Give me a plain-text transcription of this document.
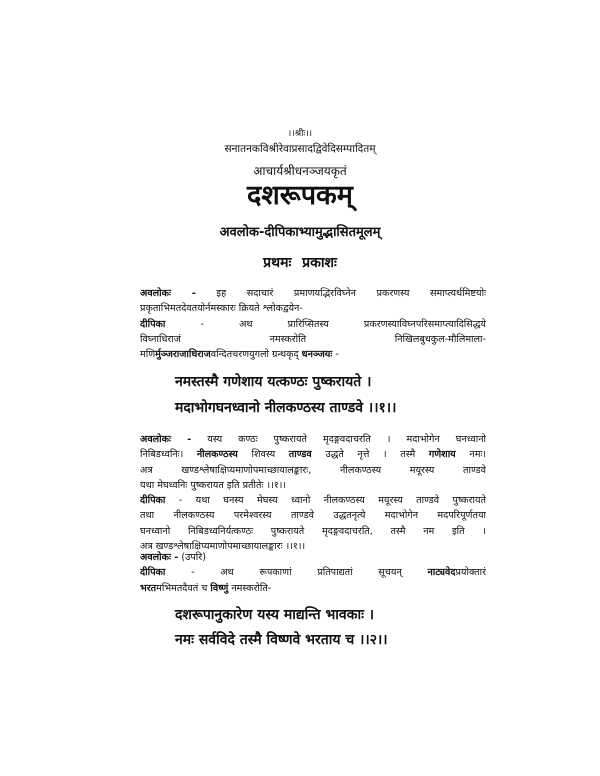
।।श्रीः।।
सनातनकविश्रीरेवाप्रसादद्विवेदिसम्पादितम्
आचार्यश्रीधनञ्जयकृतं
दशरूपकम्
अवलोक-दीपिकाभ्यामुद्भासितमूलम्
प्रथमः प्रकाशः
अवलोकः - इह सदाचारं प्रमाणयद्भिरविघ्नेन प्रकरणस्य समाप्त्यर्थमिष्टयोः
प्रकृताभिमतदेवतयोर्नमस्कारः क्रियते श्लोकद्वयेन-
दीपिका - अथ प्रारिप्सितस्य प्रकरणस्याविघ्नपरिसमाप्त्यादिसिद्धये
विघ्नाधिराजं नमस्करोति निखिलबुधकुल-मौलिमाला-
मणिर्मुञ्जराजाधिराजवन्दितचरणयुगलो ग्रन्थकृद् धनञ्जयः -
नमस्तस्मै गणेशाय यत्कण्ठः पुष्करायते ।
मदाभोगघनध्वानो नीलकण्ठस्य ताण्डवे ।।१।।
अवलोकः - यस्य कण्ठः पुष्करायते मृदङ्गवदाचरति । मदाभोगेन घनध्वानो
निबिडध्वनिः। नीलकण्ठस्य शिवस्य ताण्डव उद्धते नृत्ते । तस्मै गणेशाय नमः।
अत्र खण्डश्लेषाक्षिप्यमाणोपमाच्छायालङ्कारः, नीलकण्ठस्य मयूरस्य ताण्डवे
यथा मेघध्वनिः पुष्करायत इति प्रतीतेः ।।१।।
दीपिका - यथा घनस्य मेघस्य ध्वानो नीलकण्ठस्य मयूरस्य ताण्डवे पुष्करायते
तथा नीलकण्ठस्य परमेश्वरस्य ताण्डवे उद्धतनृत्ये मदाभोगेन मदपरिपूर्णतया
घनध्वानो निबिडध्वनिर्यत्कण्ठः पुष्करायते मृदङ्गवदाचरति, तस्मै नम इति ।
अत्र खण्डश्लेषाक्षिप्यमाणोपमाच्छायालङ्कारः ।।१।।
अवलोकः - (उपरि)
दीपिका - अथ रूपकाणां प्रतिपाद्यतां सूचयन् नाट्यवेदप्रयोक्तारं
भरतमभिमतदैवतं च विष्णुं नमस्करोति-
दशरूपानुकारेण यस्य माद्यन्ति भावकाः ।
नमः सर्वविदे तस्मै विष्णवे भरताय च ।।२।।
